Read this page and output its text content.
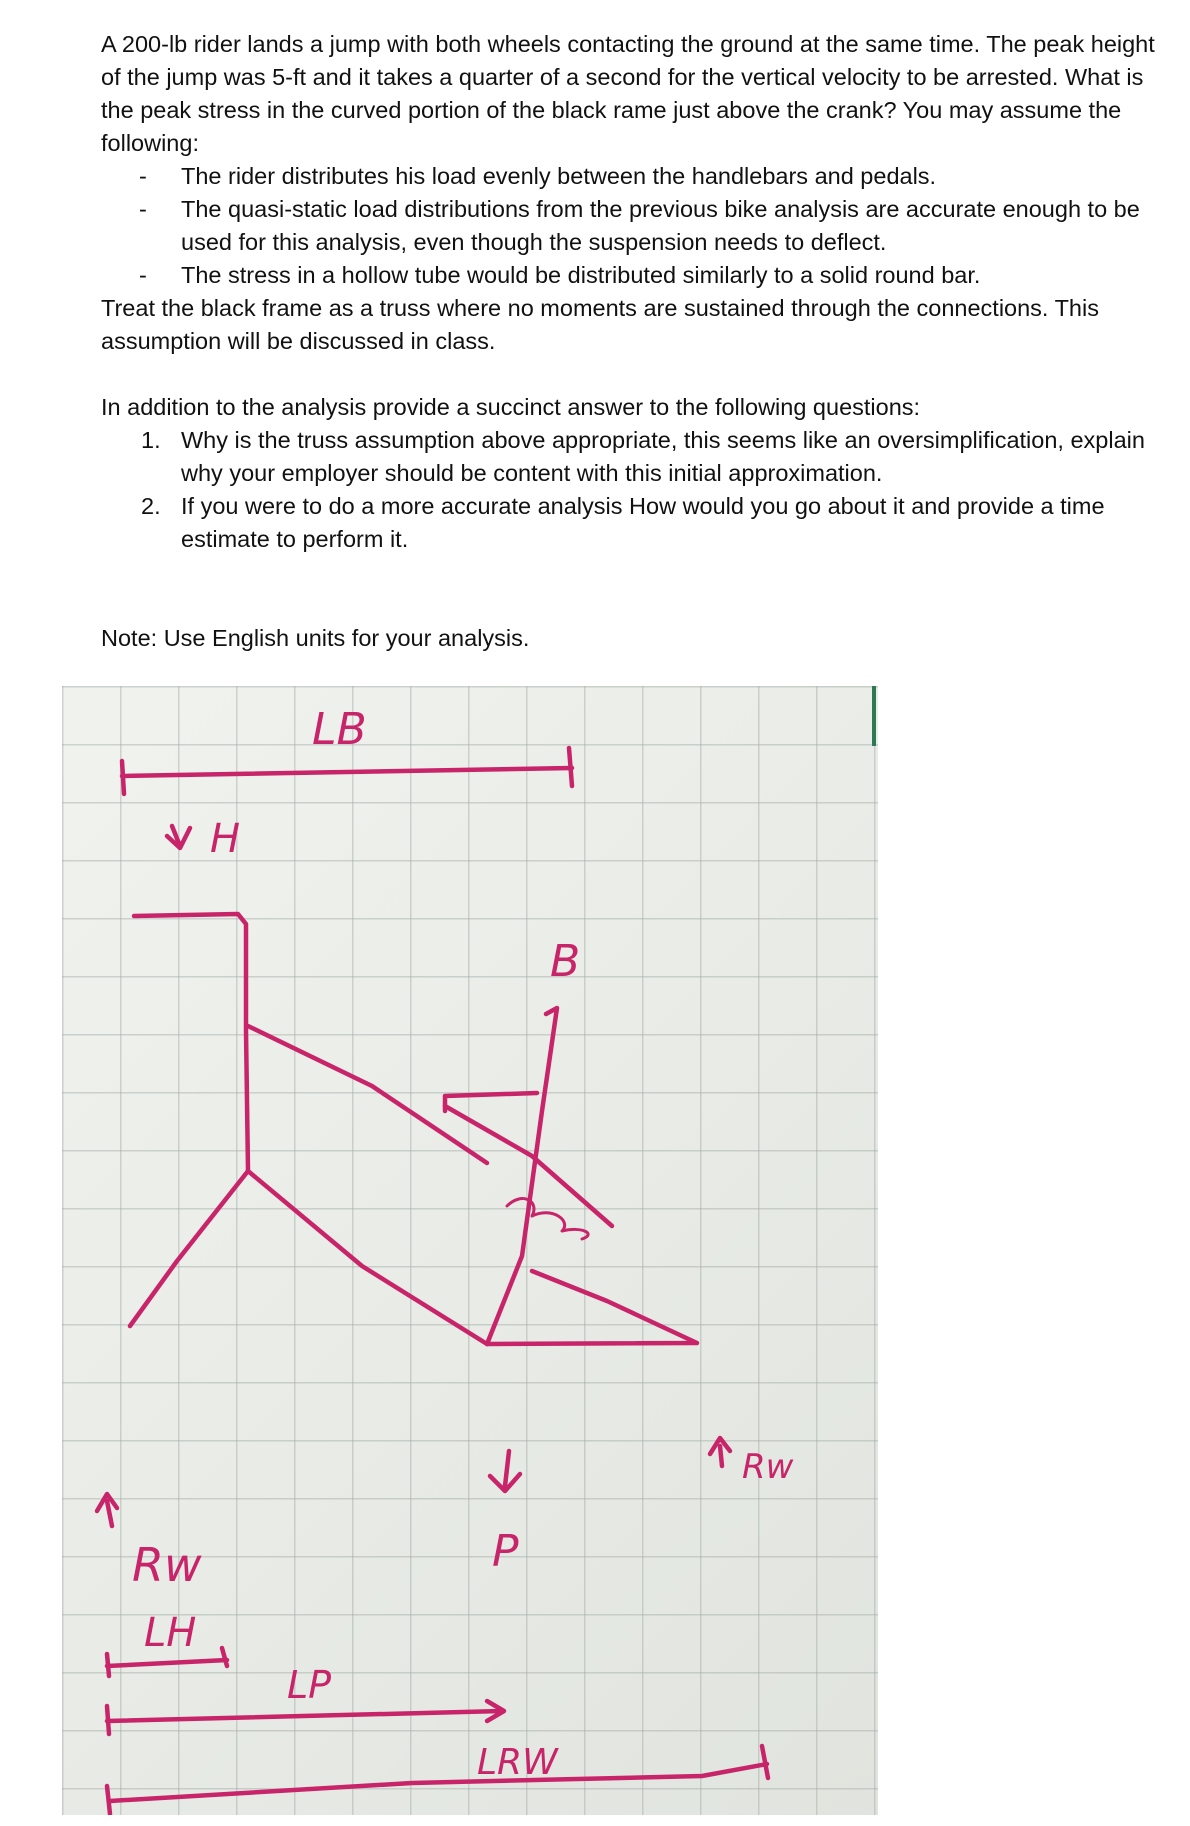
A 200-lb rider lands a jump with both wheels contacting the ground at the same time. The peak height of the jump was 5-ft and it takes a quarter of a second for the vertical velocity to be arrested. What is the peak stress in the curved portion of the black rame just above the crank? You may assume the following:

- The rider distributes his load evenly between the handlebars and pedals.
- The quasi-static load distributions from the previous bike analysis are accurate enough to be used for this analysis, even though the suspension needs to deflect.
- The stress in a hollow tube would be distributed similarly to a solid round bar.

Treat the black frame as a truss where no moments are sustained through the connections. This assumption will be discussed in class.

In addition to the analysis provide a succinct answer to the following questions:

1. Why is the truss assumption above appropriate, this seems like an oversimplification, explain why your employer should be content with this initial approximation.
2. If you were to do a more accurate analysis How would you go about it and provide a time estimate to perform it.

Note: Use English units for your analysis.

LB
H
B
P
Rw
Rw
LH
LP
LRW
